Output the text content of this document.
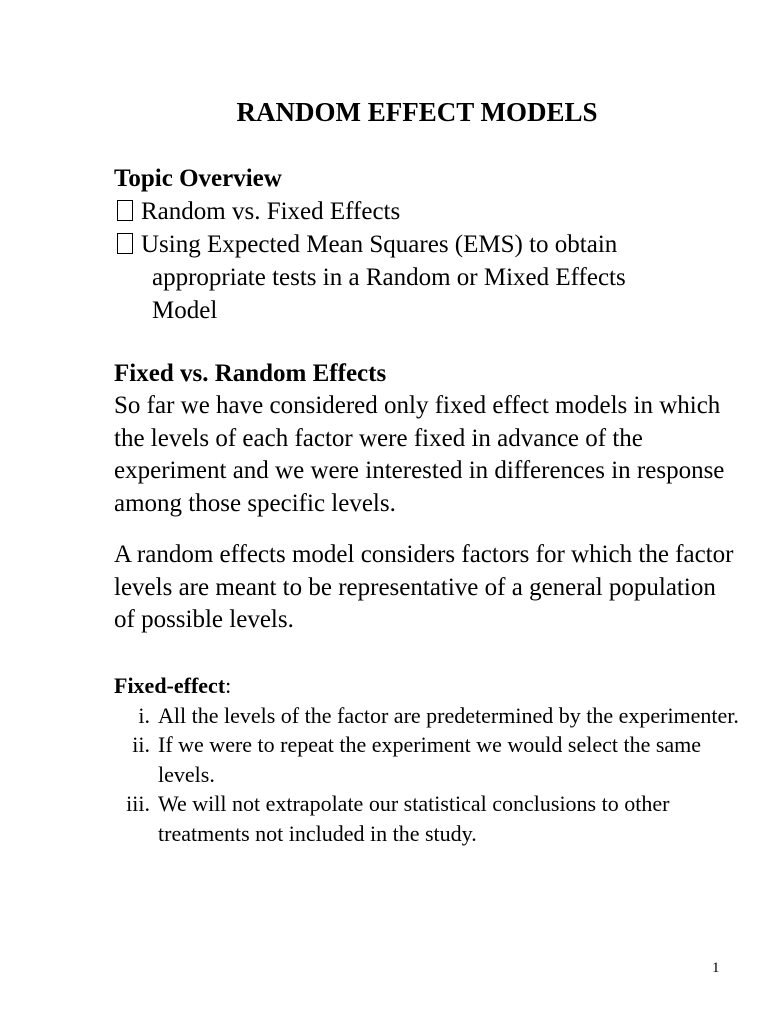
RANDOM EFFECT MODELS
Topic Overview
Random vs. Fixed Effects
Using Expected Mean Squares (EMS) to obtain
appropriate tests in a Random or Mixed Effects
Model
Fixed vs. Random Effects

So far we have considered only fixed effect models in which the levels of each factor were fixed in advance of the experiment and we were interested in differences in response among those specific levels.

A random effects model considers factors for which the factor levels are meant to be representative of a general population of possible levels.

Fixed-effect:
i. All the levels of the factor are predetermined by the experimenter.
ii. If we were to repeat the experiment we would select the same levels.
iii. We will not extrapolate our statistical conclusions to other treatments not included in the study.
1
